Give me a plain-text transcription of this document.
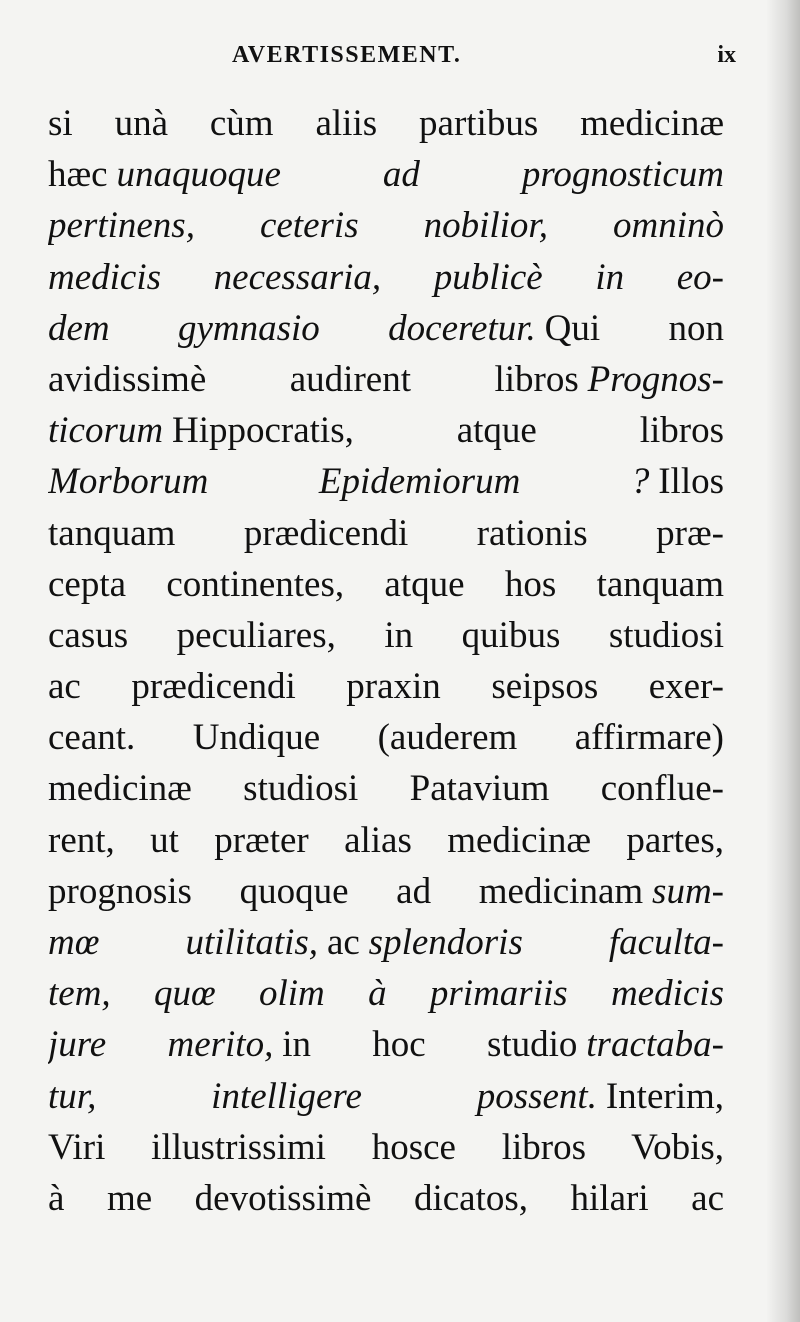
AVERTISSEMENT.	ix
si unà cùm aliis partibus medicinæ
hæc unaquoque ad prognosticum
pertinens, ceteris nobilior, omninò
medicis necessaria, publicè in eo-
dem gymnasio doceretur. Qui non
avidissimè audirent libros Prognos-
ticorum Hippocratis, atque libros
Morborum Epidemiorum ? Illos
tanquam prædicendi rationis præ-
cepta continentes, atque hos tanquam
casus peculiares, in quibus studiosi
ac prædicendi praxin seipsos exer-
ceant. Undique (auderem affirmare)
medicinæ studiosi Patavium conflue-
rent, ut præter alias medicinæ partes,
prognosis quoque ad medicinam sum-
mœ utilitatis, ac splendoris faculta-
tem, quœ olim à primariis medicis
jure merito, in hoc studio tractaba-
tur, intelligere possent. Interim,
Viri illustrissimi hosce libros Vobis,
à me devotissimè dicatos, hilari ac
